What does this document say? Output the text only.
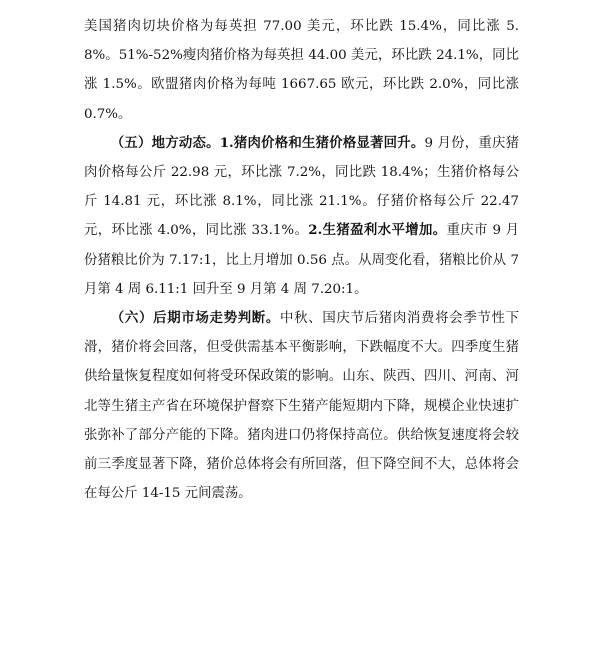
美国猪肉切块价格为每英担 77.00 美元，环比跌 15.4%，同比涨 5.8%。51%-52%瘦肉猪价格为每英担 44.00 美元，环比跌 24.1%，同比涨 1.5%。欧盟猪肉价格为每吨 1667.65 欧元，环比跌 2.0%，同比涨 0.7%。

（五）地方动态。1.猪肉价格和生猪价格显著回升。9 月份，重庆猪肉价格每公斤 22.98 元，环比涨 7.2%，同比跌 18.4%；生猪价格每公斤 14.81 元，环比涨 8.1%，同比涨 21.1%。仔猪价格每公斤 22.47 元，环比涨 4.0%，同比涨 33.1%。2.生猪盈利水平增加。重庆市 9 月份猪粮比价为 7.17:1，比上月增加 0.56 点。从周变化看，猪粮比价从 7 月第 4 周 6.11:1 回升至 9 月第 4 周 7.20:1。

（六）后期市场走势判断。中秋、国庆节后猪肉消费将会季节性下滑，猪价将会回落，但受供需基本平衡影响，下跌幅度不大。四季度生猪供给量恢复程度如何将受环保政策的影响。山东、陕西、四川、河南、河北等生猪主产省在环境保护督察下生猪产能短期内下降，规模企业快速扩张弥补了部分产能的下降。猪肉进口仍将保持高位。供给恢复速度将会较前三季度显著下降，猪价总体将会有所回落，但下降空间不大，总体将会在每公斤 14-15 元间震荡。
